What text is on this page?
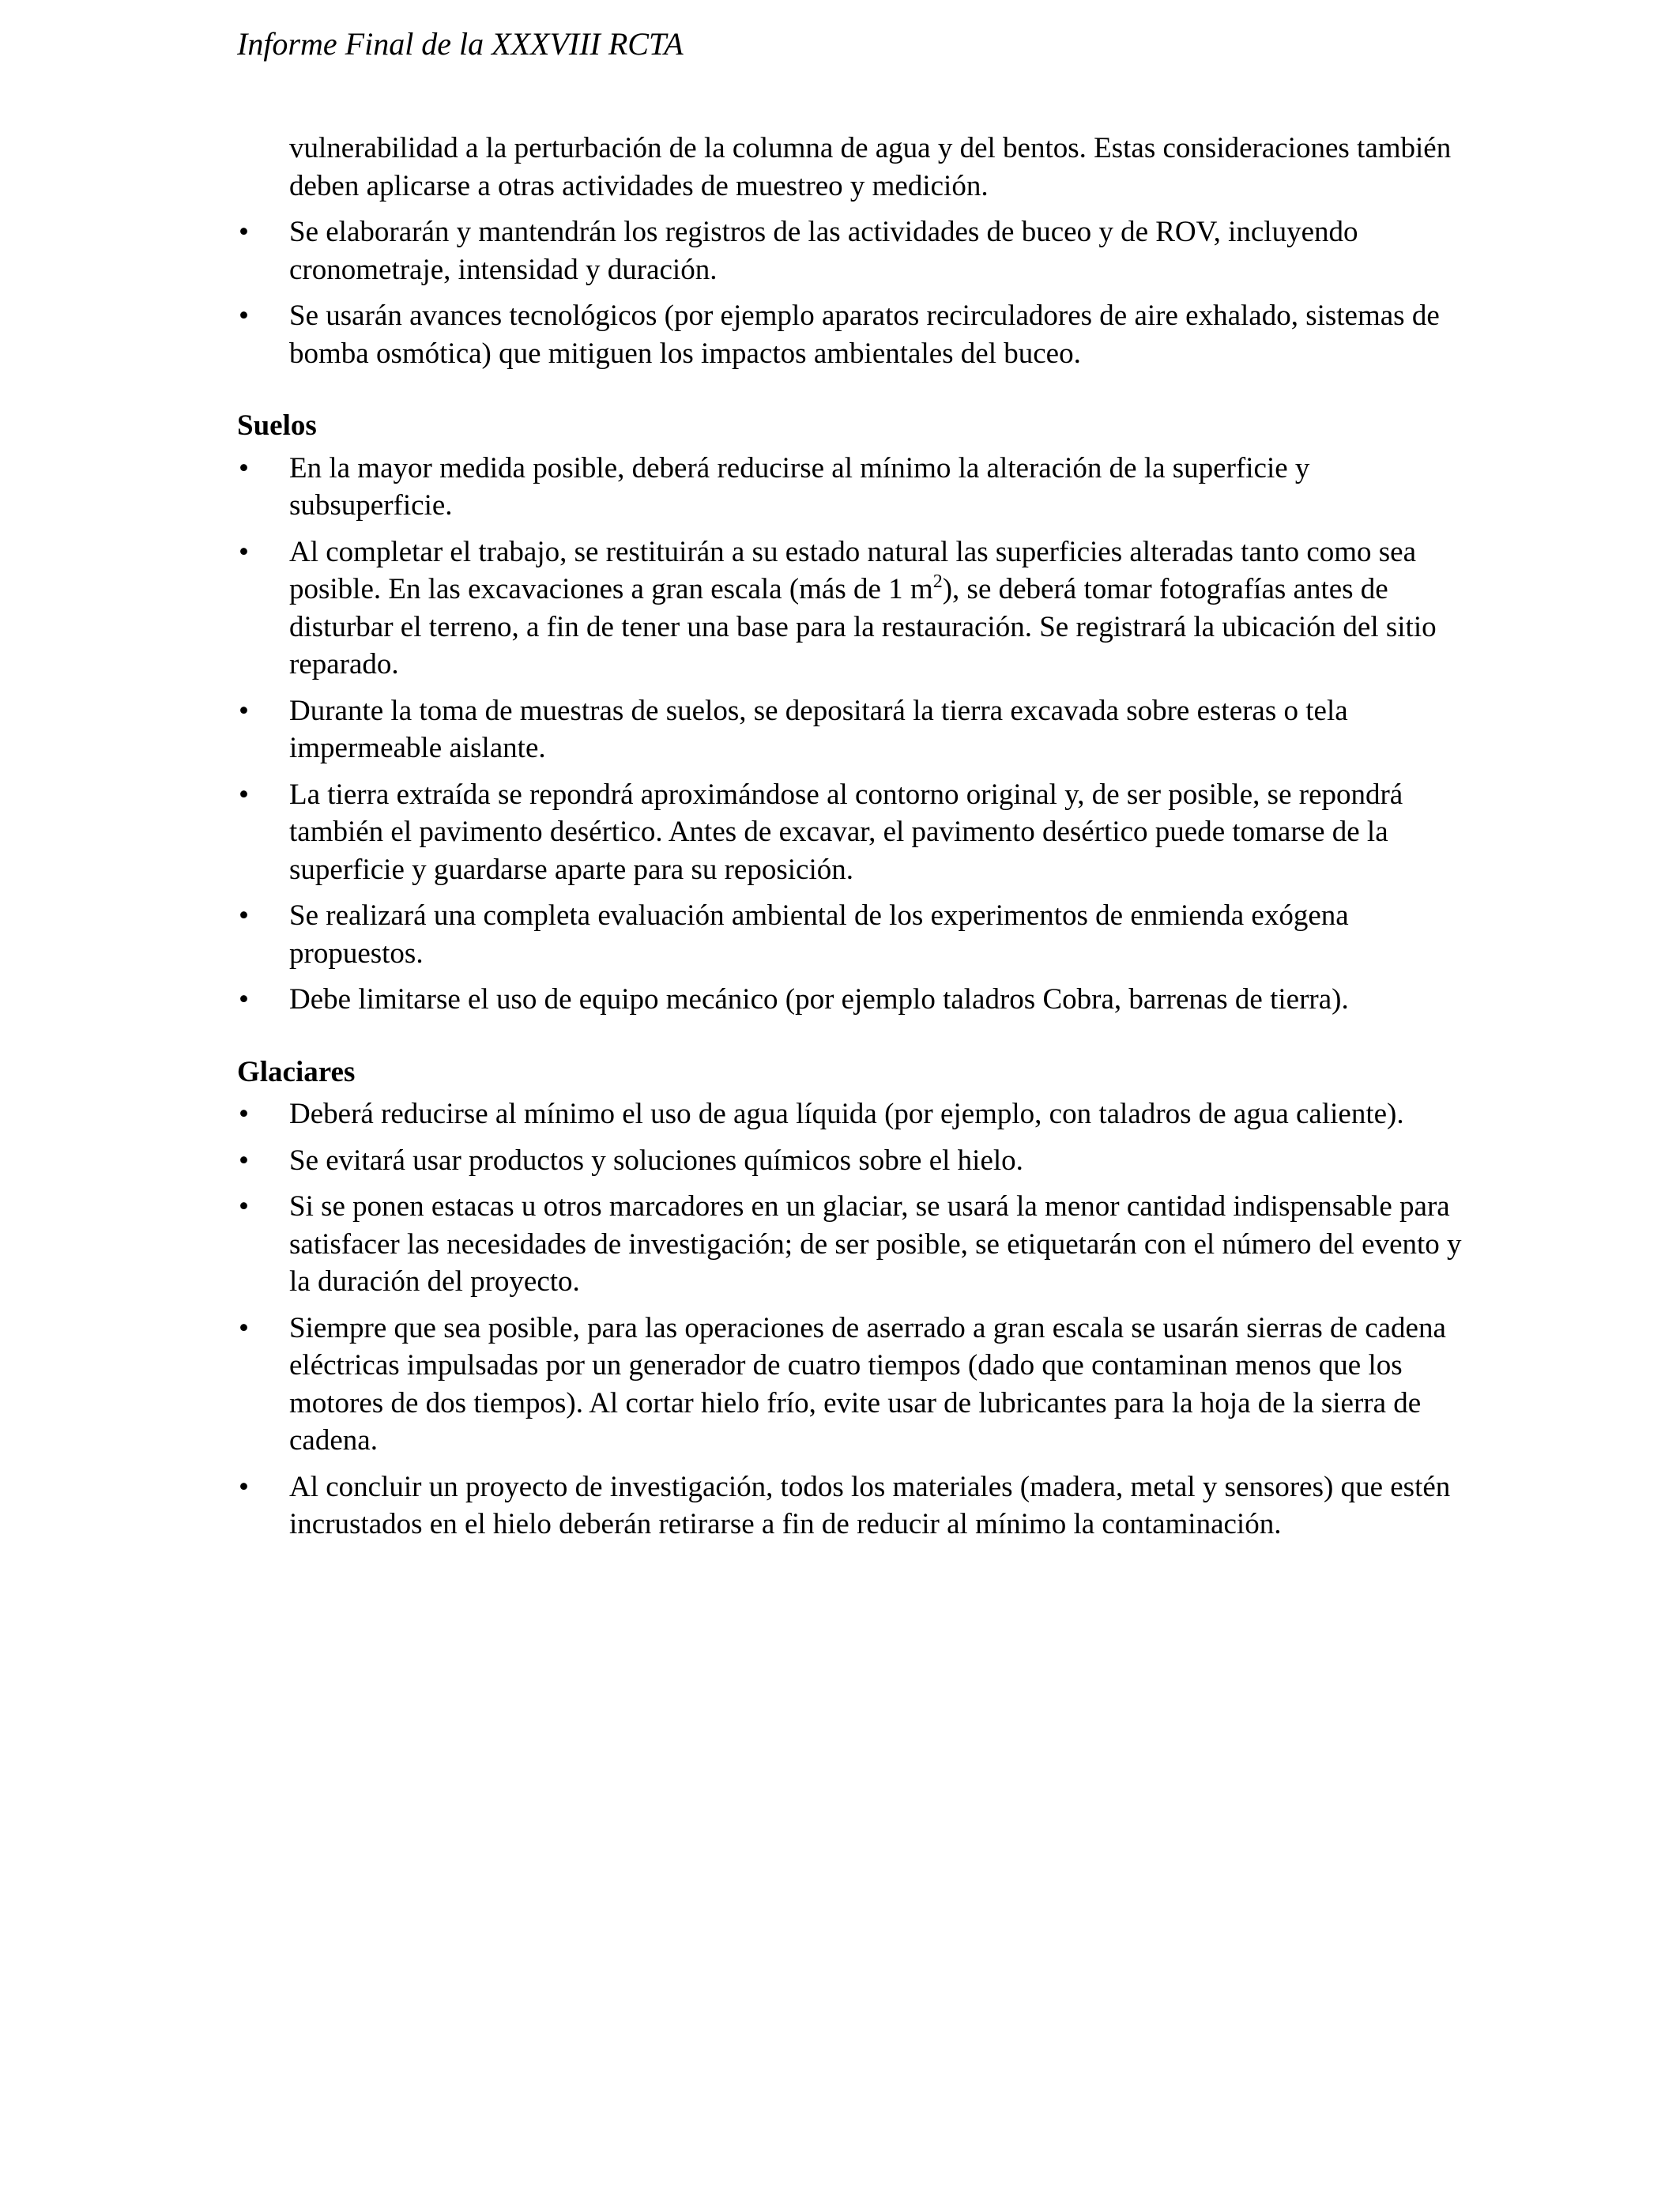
Informe Final de la XXXVIII RCTA

vulnerabilidad a la perturbación de la columna de agua y del bentos. Estas consideraciones también deben aplicarse a otras actividades de muestreo y medición.

•	Se elaborarán y mantendrán los registros de las actividades de buceo y de ROV, incluyendo cronometraje, intensidad y duración.
•	Se usarán avances tecnológicos (por ejemplo aparatos recirculadores de aire exhalado, sistemas de bomba osmótica) que mitiguen los impactos ambientales del buceo.
Suelos
•	En la mayor medida posible, deberá reducirse al mínimo la alteración de la superficie y subsuperficie.
•	Al completar el trabajo, se restituirán a su estado natural las superficies alteradas tanto como sea posible. En las excavaciones a gran escala (más de 1 $m^2$), se deberá tomar fotografías antes de disturbar el terreno, a fin de tener una base para la restauración. Se registrará la ubicación del sitio reparado.
•	Durante la toma de muestras de suelos, se depositará la tierra excavada sobre esteras o tela impermeable aislante.
•	La tierra extraída se repondrá aproximándose al contorno original y, de ser posible, se repondrá también el pavimento desértico. Antes de excavar, el pavimento desértico puede tomarse de la superficie y guardarse aparte para su reposición.
•	Se realizará una completa evaluación ambiental de los experimentos de enmienda exógena propuestos.
•	Debe limitarse el uso de equipo mecánico (por ejemplo taladros Cobra, barrenas de tierra).
Glaciares
•	Deberá reducirse al mínimo el uso de agua líquida (por ejemplo, con taladros de agua caliente).
•	Se evitará usar productos y soluciones químicos sobre el hielo.
•	Si se ponen estacas u otros marcadores en un glaciar, se usará la menor cantidad indispensable para satisfacer las necesidades de investigación; de ser posible, se etiquetarán con el número del evento y la duración del proyecto.
•	Siempre que sea posible, para las operaciones de aserrado a gran escala se usarán sierras de cadena eléctricas impulsadas por un generador de cuatro tiempos (dado que contaminan menos que los motores de dos tiempos). Al cortar hielo frío, evite usar de lubricantes para la hoja de la sierra de cadena.
•	Al concluir un proyecto de investigación, todos los materiales (madera, metal y sensores) que estén incrustados en el hielo deberán retirarse a fin de reducir al mínimo la contaminación.
